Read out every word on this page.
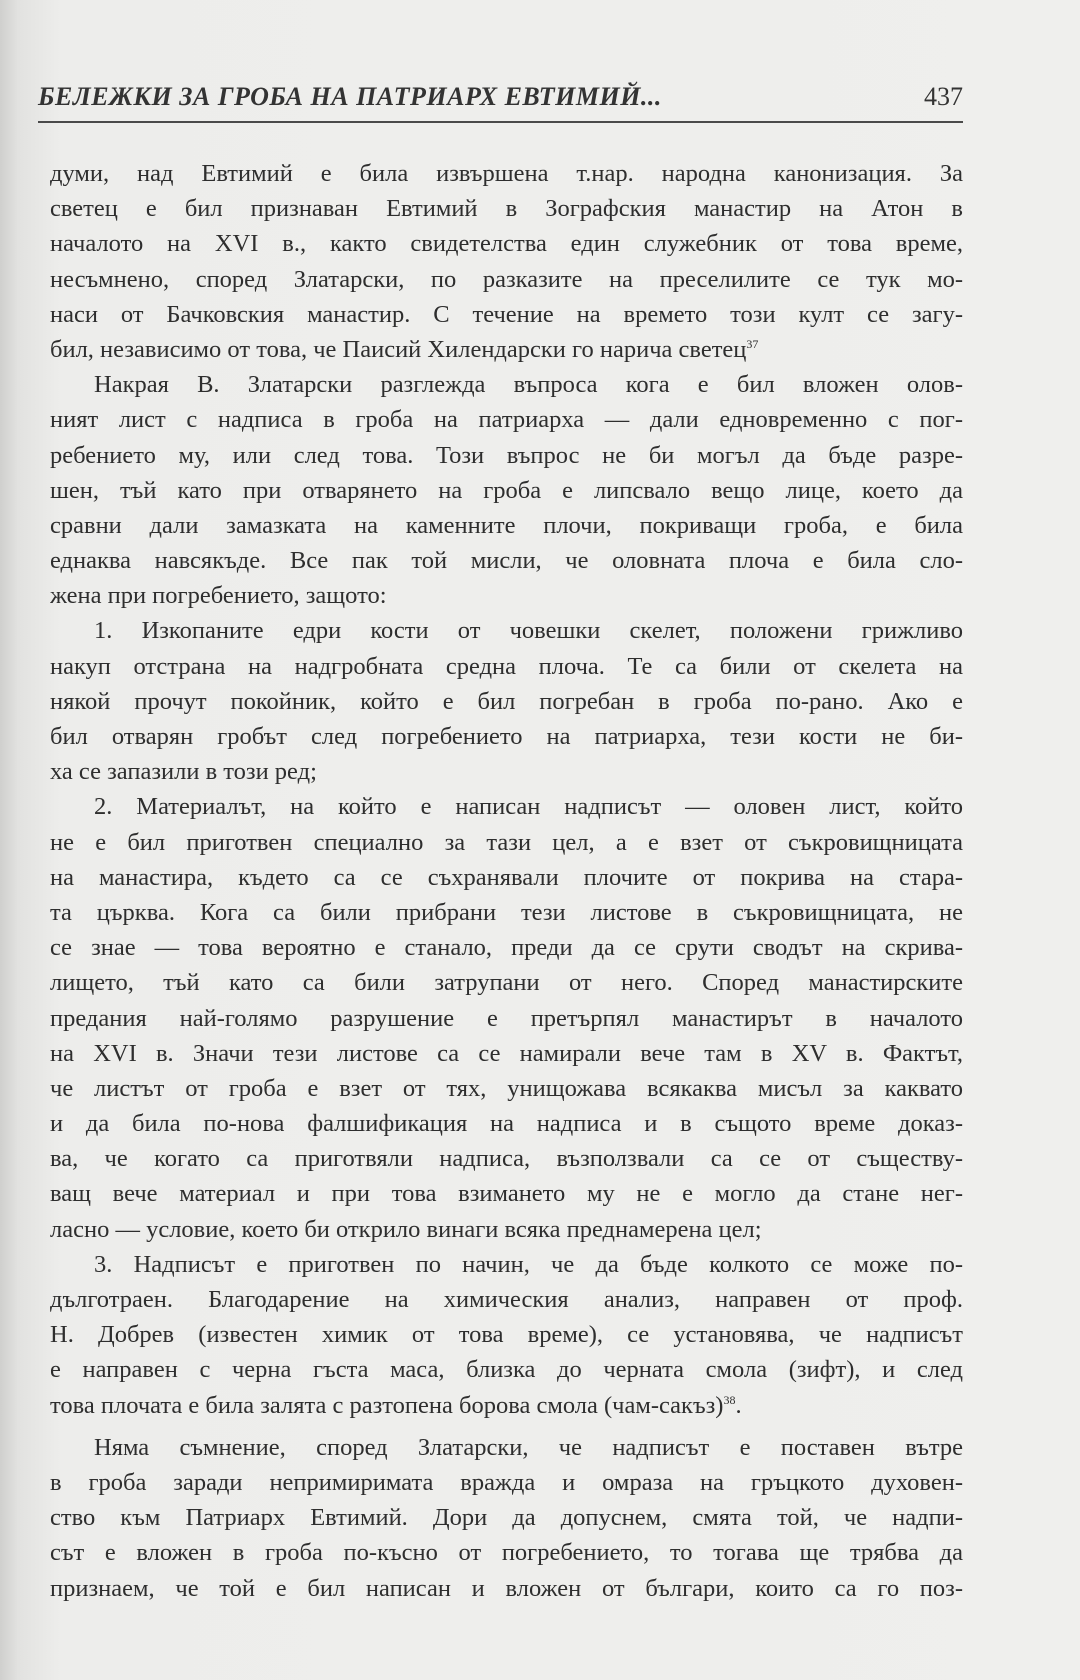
БЕЛЕЖКИ ЗА ГРОБА НА ПАТРИАРХ ЕВТИМИЙ...	437
думи, над Евтимий е била извършена т.нар. народна канонизация. За
светец е бил признаван Евтимий в Зографския манастир на Атон в
началото на XVI в., както свидетелства един служебник от това време,
несъмнено, според Златарски, по разказите на преселилите се тук мо-
наси от Бачковския манастир. С течение на времето този култ се загу-
бил, независимо от това, че Паисий Хилендарски го нарича светец$^{37}$
Накрая В. Златарски разглежда въпроса кога е бил вложен олов-
ният лист с надписа в гроба на патриарха — дали едновременно с пог-
ребението му, или след това. Този въпрос не би могъл да бъде разре-
шен, тъй като при отварянето на гроба е липсвало вещо лице, което да
сравни дали замазката на каменните плочи, покриващи гроба, е била
еднаква навсякъде. Все пак той мисли, че оловната плоча е била сло-
жена при погребението, защото:
1. Изкопаните едри кости от човешки скелет, положени грижливо
накуп отстрана на надгробната средна плоча. Те са били от скелета на
някой прочут покойник, който е бил погребан в гроба по-рано. Ако е
бил отварян гробът след погребението на патриарха, тези кости не би-
ха се запазили в този ред;
2. Материалът, на който е написан надписът — оловен лист, който
не е бил приготвен специално за тази цел, а е взет от съкровищницата
на манастира, където са се съхранявали плочите от покрива на стара-
та църква. Кога са били прибрани тези листове в съкровищницата, не
се знае — това вероятно е станало, преди да се срути сводът на скрива-
лището, тъй като са били затрупани от него. Според манастирските
предания най-голямо разрушение е претърпял манастирът в началото
на XVI в. Значи тези листове са се намирали вече там в XV в. Фактът,
че листът от гроба е взет от тях, унищожава всякаква мисъл за каквато
и да била по-нова фалшификация на надписа и в същото време доказ-
ва, че когато са приготвяли надписа, възползвали са се от съществу-
ващ вече материал и при това взимането му не е могло да стане нег-
ласно — условие, което би открило винаги всяка преднамерена цел;
3. Надписът е приготвен по начин, че да бъде колкото се може по-
дълготраен. Благодарение на химическия анализ, направен от проф.
Н. Добрев (известен химик от това време), се установява, че надписът
е направен с черна гъста маса, близка до черната смола (зифт), и след
това плочата е била залята с разтопена борова смола (чам-сакъз)$^{38}$.
Няма съмнение, според Златарски, че надписът е поставен вътре
в гроба заради непримиримата вражда и омраза на гръцкото духовен-
ство към Патриарх Евтимий. Дори да допуснем, смята той, че надпи-
сът е вложен в гроба по-късно от погребението, то тогава ще трябва да
признаем, че той е бил написан и вложен от българи, които са го поз-
